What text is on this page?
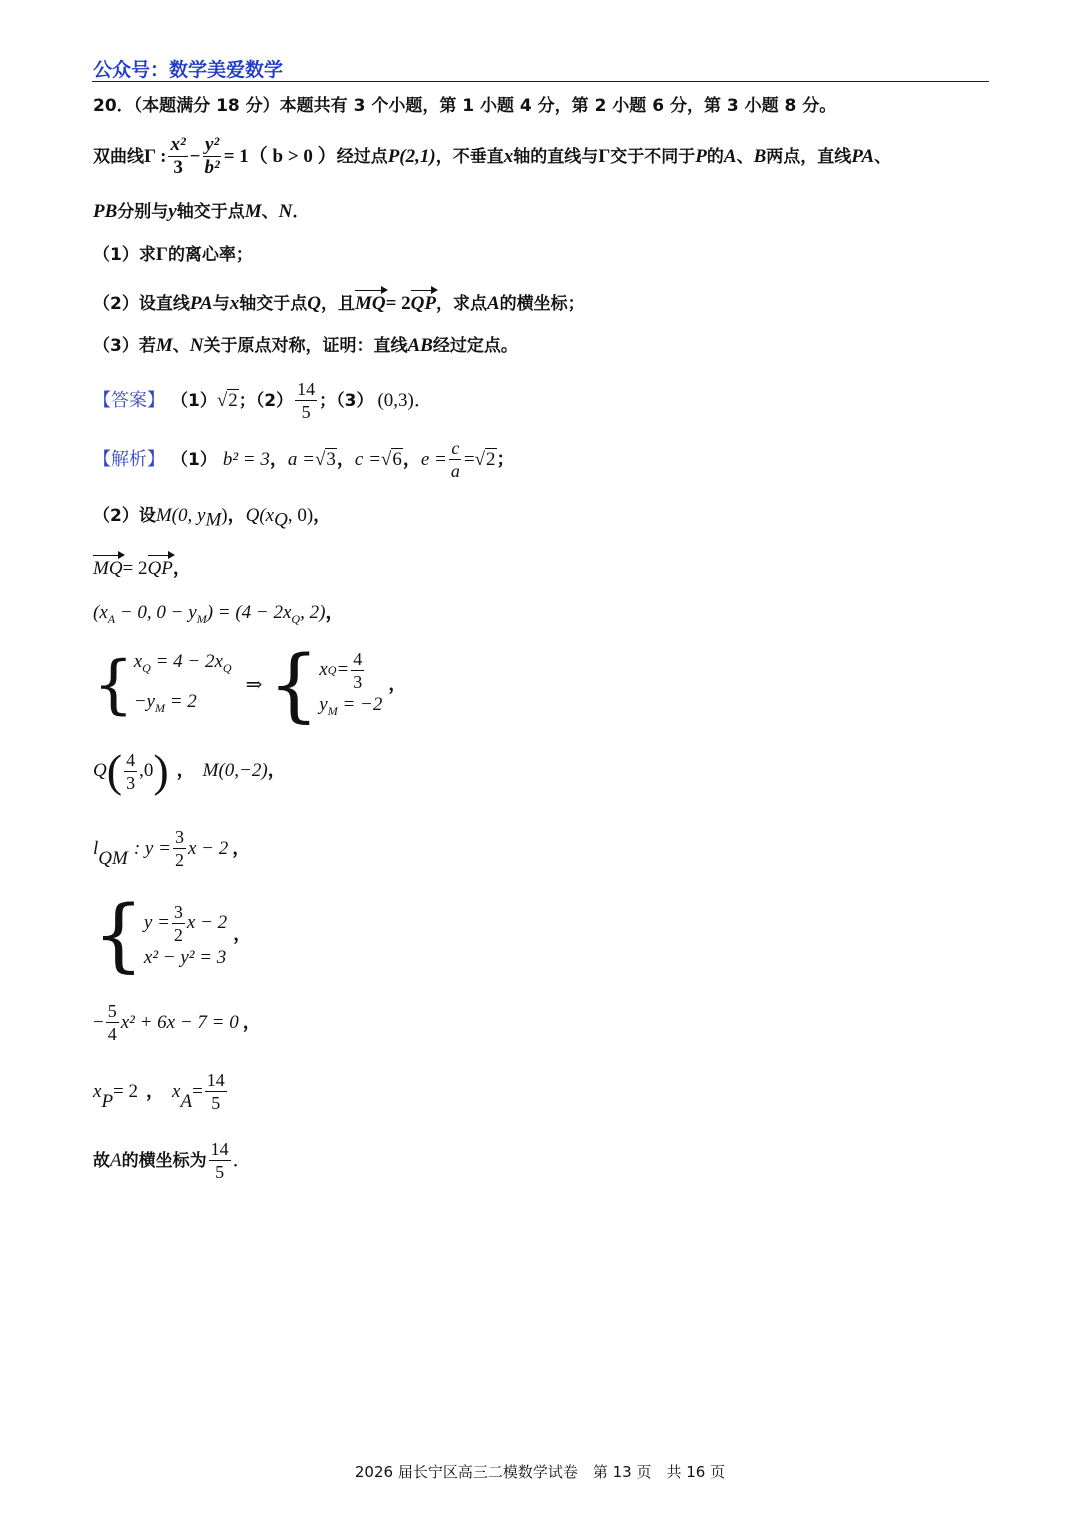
公众号：数学美爱数学
20．（本题满分 18 分）本题共有 3 个小题，第 1 小题 4 分，第 2 小题 6 分，第 3 小题 8 分。
双曲线 Γ : $\frac{\text{x²}}{3} - \frac{\text{y²}}{\text{b²}} = 1$ （ b > 0 ） 经过点 P(2,1) ，不垂直 x 轴的直线与 Γ 交于不同于 P 的 A 、 B 两点，直线 PA 、
PB分别与y轴交于点M、N．
（1）求Γ的离心率；
（2）设直线PA与x轴交于点Q，且MQ= 2QP，求点A的横坐标；
（3）若M、N关于原点对称，证明：直线AB经过定点。
【答案】 （1） √2 ；$(2) \frac{14}{5}$ ；（3） (0,3) ．
【解析】 （1） b² = 3 ， a = √3 ， c = √6 ， $e = \frac{c}{a} = √2$ ；
（2）设M(0, $y_M$)，$Q(x_Q$, 0)，
MQ= 2QP，
($x_A - 0$, $0 - y_M) = (4 - 2x_Q$, 2)，
{ $x_Q = 4 - 2x_Q$
$-y_M = 2$
⇒ { x $Q = \frac{4}{3}$
$y_M = -2$
，
Q ( $\frac{4}{3} ,0$ ) ， M(0,−2) ，
l QM : $y = \frac{3}{2}$ x − 2 ，
{ $y = \frac{3}{2}$ x − 2
x² − y² = 3
，
− $\frac{5}{4} x^2 + 6x - 7 = 0$ ，
x P = 2 ， x $A = \frac{14}{5}$
故 A 的横坐标为 $\frac{14}{5}$ ．
2026 届长宁区高三二模数学试卷　第 13 页　共 16 页
